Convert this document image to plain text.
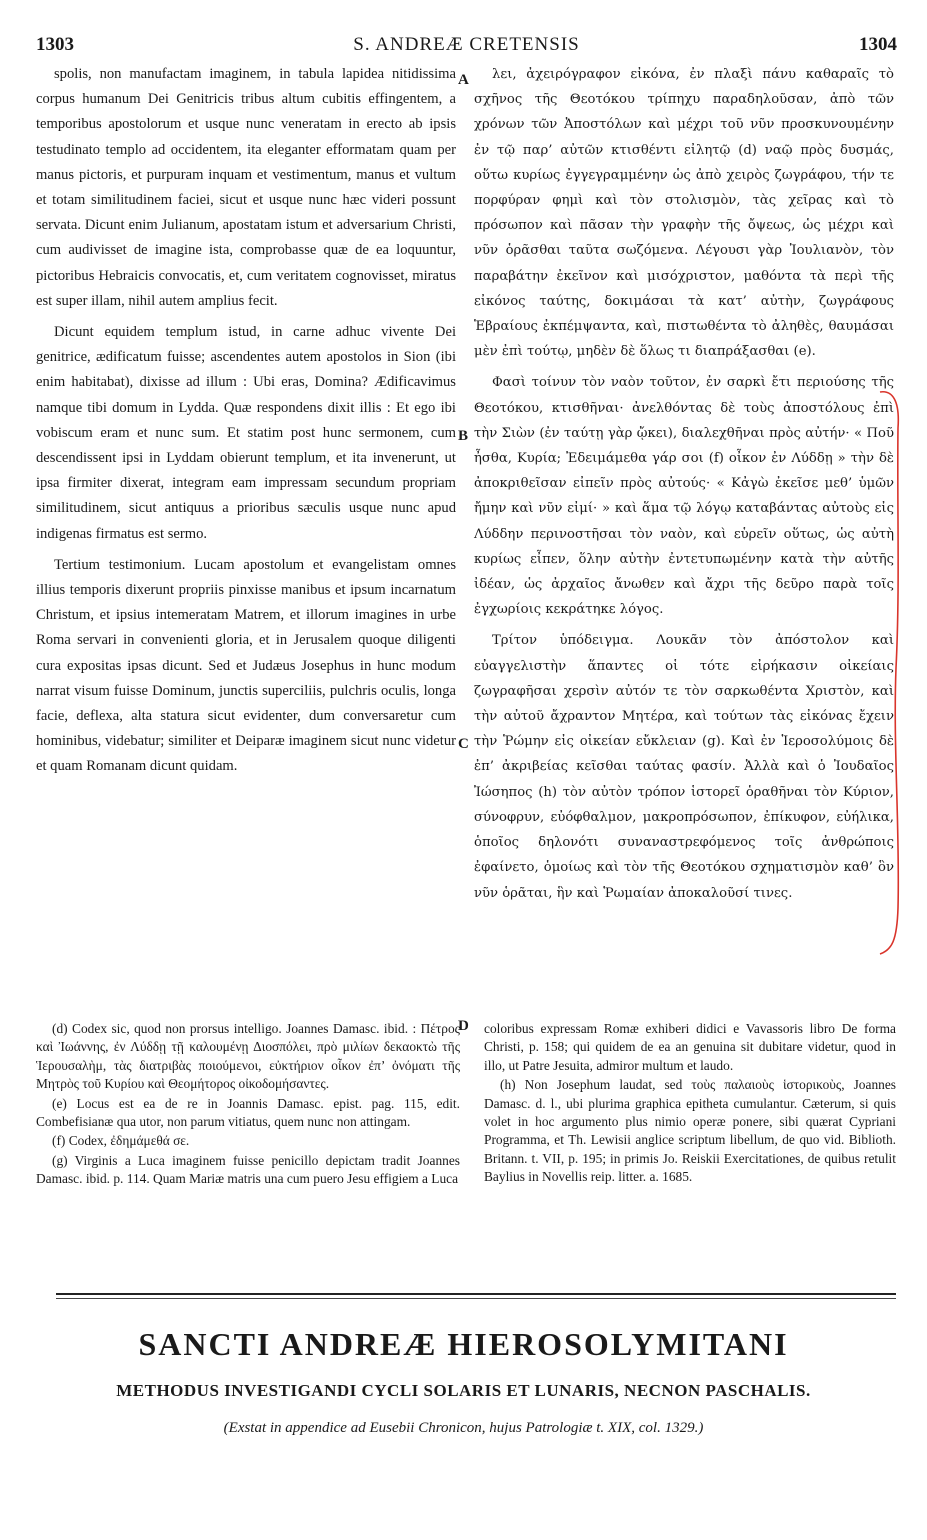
1303	S. ANDREÆ CRETENSIS	1304

spolis, non manufactam imaginem, in tabula lapidea nitidissima corpus humanum Dei Genitricis tribus altum cubitis effingentem, a temporibus apostolorum et usque nunc veneratam in erecto ab ipsis testudinato templo ad occidentem, ita eleganter efformatam quam per manus pictoris, et purpuram inquam et vestimentum, manus et vultum et totam similitudinem faciei, sicut et usque nunc hæc videri possunt servata. Dicunt enim Julianum, apostatam istum et adversarium Christi, cum audivisset de imagine ista, comprobasse quæ de ea loquuntur, pictoribus Hebraicis convocatis, et, cum veritatem cognovisset, miratus est super illam, nihil autem amplius fecit.

Dicunt equidem templum istud, in carne adhuc vivente Dei genitrice, ædificatum fuisse; ascendentes autem apostolos in Sion (ibi enim habitabat), dixisse ad illum : Ubi eras, Domina? Ædificavimus namque tibi domum in Lydda. Quæ respondens dixit illis : Et ego ibi vobiscum eram et nunc sum. Et statim post hunc sermonem, cum descendissent ipsi in Lyddam obierunt templum, et ita invenerunt, ut ipsa firmiter dixerat, integram eam impressam secundum propriam similitudinem, sicut antiquus a prioribus sæculis usque nunc apud indigenas firmatus est sermo.

Tertium testimonium. Lucam apostolum et evangelistam omnes illius temporis dixerunt propriis pinxisse manibus et ipsum incarnatum Christum, et ipsius intemeratam Matrem, et illorum imagines in urbe Roma servari in convenienti gloria, et in Jerusalem quoque diligenti cura expositas ipsas dicunt. Sed et Judæus Josephus in hunc modum narrat visum fuisse Dominum, junctis superciliis, pulchris oculis, longa facie, deflexa, alta statura sicut evidenter, dum conversaretur cum hominibus, videbatur; similiter et Deiparæ imaginem sicut nunc videtur et quam Romanam dicunt quidam.

A
B
C
D

λει, ἀχειρόγραφον εἰκόνα, ἐν πλαξὶ πάνυ καθαραῖς τὸ σχῆνος τῆς Θεοτόκου τρίπηχυ παραδηλοῦσαν, ἀπὸ τῶν χρόνων τῶν Ἀποστόλων καὶ μέχρι τοῦ νῦν προσκυνουμένην ἐν τῷ παρ’ αὐτῶν κτισθέντι εἰλητῷ (d) ναῷ πρὸς δυσμάς, οὕτω κυρίως ἐγγεγραμμένην ὡς ἀπὸ χειρὸς ζωγράφου, τήν τε πορφύραν φημὶ καὶ τὸν στολισμὸν, τὰς χεῖρας καὶ τὸ πρόσωπον καὶ πᾶσαν τὴν γραφὴν τῆς ὄψεως, ὡς μέχρι καὶ νῦν ὁρᾶσθαι ταῦτα σωζόμενα. Λέγουσι γὰρ Ἰουλιανὸν, τὸν παραβάτην ἐκεῖνον καὶ μισόχριστον, μαθόντα τὰ περὶ τῆς εἰκόνος ταύτης, δοκιμάσαι τὰ κατ’ αὐτὴν, ζωγράφους Ἑβραίους ἐκπέμψαντα, καὶ, πιστωθέντα τὸ ἀληθὲς, θαυμάσαι μὲν ἐπὶ τούτῳ, μηδὲν δὲ ὅλως τι διαπράξασθαι (e).

Φασὶ τοίνυν τὸν ναὸν τοῦτον, ἐν σαρκὶ ἔτι περιούσης τῆς Θεοτόκου, κτισθῆναι· ἀνελθόντας δὲ τοὺς ἀποστόλους ἐπὶ τὴν Σιὼν (ἐν ταύτῃ γὰρ ᾤκει), διαλεχθῆναι πρὸς αὐτήν· « Ποῦ ἦσθα, Κυρία; Ἐδειμάμεθα γάρ σοι (f) οἶκον ἐν Λύδδῃ » τὴν δὲ ἀποκριθεῖσαν εἰπεῖν πρὸς αὐτούς· « Κἀγὼ ἐκεῖσε μεθ’ ὑμῶν ἤμην καὶ νῦν εἰμί· » καὶ ἅμα τῷ λόγῳ καταβάντας αὐτοὺς εἰς Λύδδην περινοστῆσαι τὸν ναὸν, καὶ εὑρεῖν οὕτως, ὡς αὐτὴ κυρίως εἶπεν, ὅλην αὐτὴν ἐντετυπωμένην κατὰ τὴν αὐτῆς ἰδέαν, ὡς ἀρχαῖος ἄνωθεν καὶ ἄχρι τῆς δεῦρο παρὰ τοῖς ἐγχωρίοις κεκράτηκε λόγος.

Τρίτον ὑπόδειγμα. Λουκᾶν τὸν ἀπόστολον καὶ εὐαγγελιστὴν ἅπαντες οἱ τότε εἰρήκασιν οἰκείαις ζωγραφῆσαι χερσὶν αὐτόν τε τὸν σαρκωθέντα Χριστὸν, καὶ τὴν αὐτοῦ ἄχραντον Μητέρα, καὶ τούτων τὰς εἰκόνας ἔχειν τὴν Ῥώμην εἰς οἰκείαν εὔκλειαν (g). Καὶ ἐν Ἱεροσολύμοις δὲ ἐπ’ ἀκριβείας κεῖσθαι ταύτας φασίν. Ἀλλὰ καὶ ὁ Ἰουδαῖος Ἰώσηπος (h) τὸν αὐτὸν τρόπον ἱστορεῖ ὁραθῆναι τὸν Κύριον, σύνοφρυν, εὐόφθαλμον, μακροπρόσωπον, ἐπίκυφον, εὐήλικα, ὁποῖος δηλονότι συναναστρεφόμενος τοῖς ἀνθρώποις ἐφαίνετο, ὁμοίως καὶ τὸν τῆς Θεοτόκου σχηματισμὸν καθ’ ὃν νῦν ὁρᾶται, ἣν καὶ Ῥωμαίαν ἀποκαλοῦσί τινες.

(d) Codex sic, quod non prorsus intelligo. Joannes Damasc. ibid. : Πέτρος καὶ Ἰωάννης, ἐν Λύδδῃ τῇ καλουμένῃ Διοσπόλει, πρὸ μιλίων δεκαοκτὼ τῆς Ἱερουσαλὴμ, τὰς διατριβὰς ποιούμενοι, εὐκτήριον οἶκον ἐπ’ ὀνόματι τῆς Μητρὸς τοῦ Κυρίου καὶ Θεομήτορος οἰκοδομήσαντες.

(e) Locus est ea de re in Joannis Damasc. epist. pag. 115, edit. Combefisianæ qua utor, non parum vitiatus, quem nunc non attingam.

(f) Codex, ἐδημάμεθά σε.

(g) Virginis a Luca imaginem fuisse penicillo depictam tradit Joannes Damasc. ibid. p. 114. Quam Mariæ matris una cum puero Jesu effigiem a Luca

coloribus expressam Romæ exhiberi didici e Vavassoris libro De forma Christi, p. 158; qui quidem de ea an genuina sit dubitare videtur, quod in illo, ut Patre Jesuita, admiror multum et laudo.

(h) Non Josephum laudat, sed τοὺς παλαιοὺς ἱστορικοὺς, Joannes Damasc. d. l., ubi plurima graphica epitheta cumulantur. Cæterum, si quis volet in hoc argumento plus nimio operæ ponere, sibi quærat Cypriani Programma, et Th. Lewisii anglice scriptum libellum, de quo vid. Biblioth. Britann. t. VII, p. 195; in primis Jo. Reiskii Exercitationes, de quibus retulit Baylius in Novellis reip. litter. a. 1685.

SANCTI ANDREÆ HIEROSOLYMITANI
METHODUS INVESTIGANDI CYCLI SOLARIS ET LUNARIS, NECNON PASCHALIS.
(Exstat in appendice ad Eusebii Chronicon, hujus Patrologiæ t. XIX, col. 1329.)
